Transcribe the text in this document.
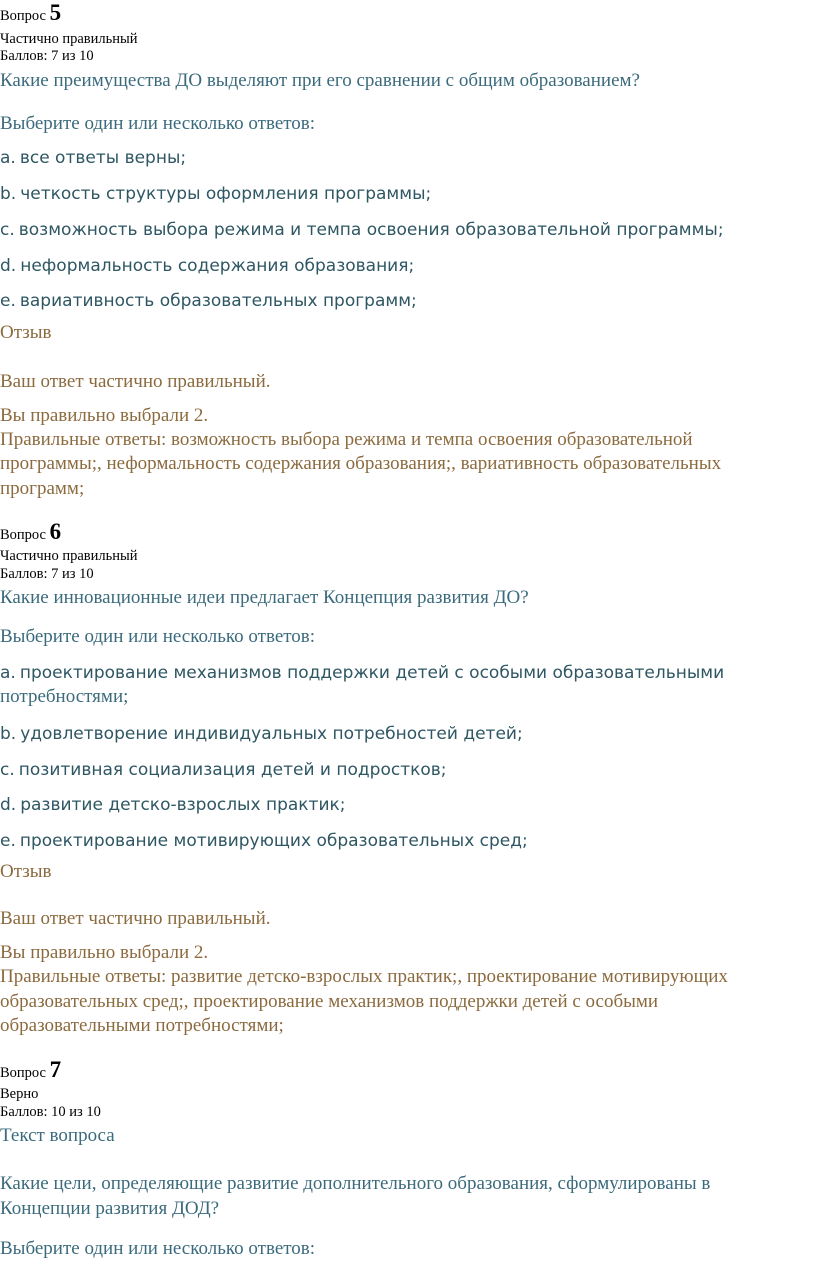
Вопрос 5
Частично правильный
Баллов: 7 из 10
Какие преимущества ДО выделяют при его сравнении с общим образованием?
Выберите один или несколько ответов:
a. все ответы верны;
b. четкость структуры оформления программы;
c. возможность выбора режима и темпа освоения образовательной программы;
d. неформальность содержания образования;
e. вариативность образовательных программ;
Отзыв
Ваш ответ частично правильный.
Вы правильно выбрали 2.
Правильные ответы: возможность выбора режима и темпа освоения образовательной
программы;, неформальность содержания образования;, вариативность образовательных
программ;
Вопрос 6
Частично правильный
Баллов: 7 из 10
Какие инновационные идеи предлагает Концепция развития ДО?
Выберите один или несколько ответов:
a. проектирование механизмов поддержки детей с особыми образовательными
потребностями;
b. удовлетворение индивидуальных потребностей детей;
c. позитивная социализация детей и подростков;
d. развитие детско-взрослых практик;
e. проектирование мотивирующих образовательных сред;
Отзыв
Ваш ответ частично правильный.
Вы правильно выбрали 2.
Правильные ответы: развитие детско-взрослых практик;, проектирование мотивирующих
образовательных сред;, проектирование механизмов поддержки детей с особыми
образовательными потребностями;
Вопрос 7
Верно
Баллов: 10 из 10
Текст вопроса
Какие цели, определяющие развитие дополнительного образования, сформулированы в
Концепции развития ДОД?
Выберите один или несколько ответов:
